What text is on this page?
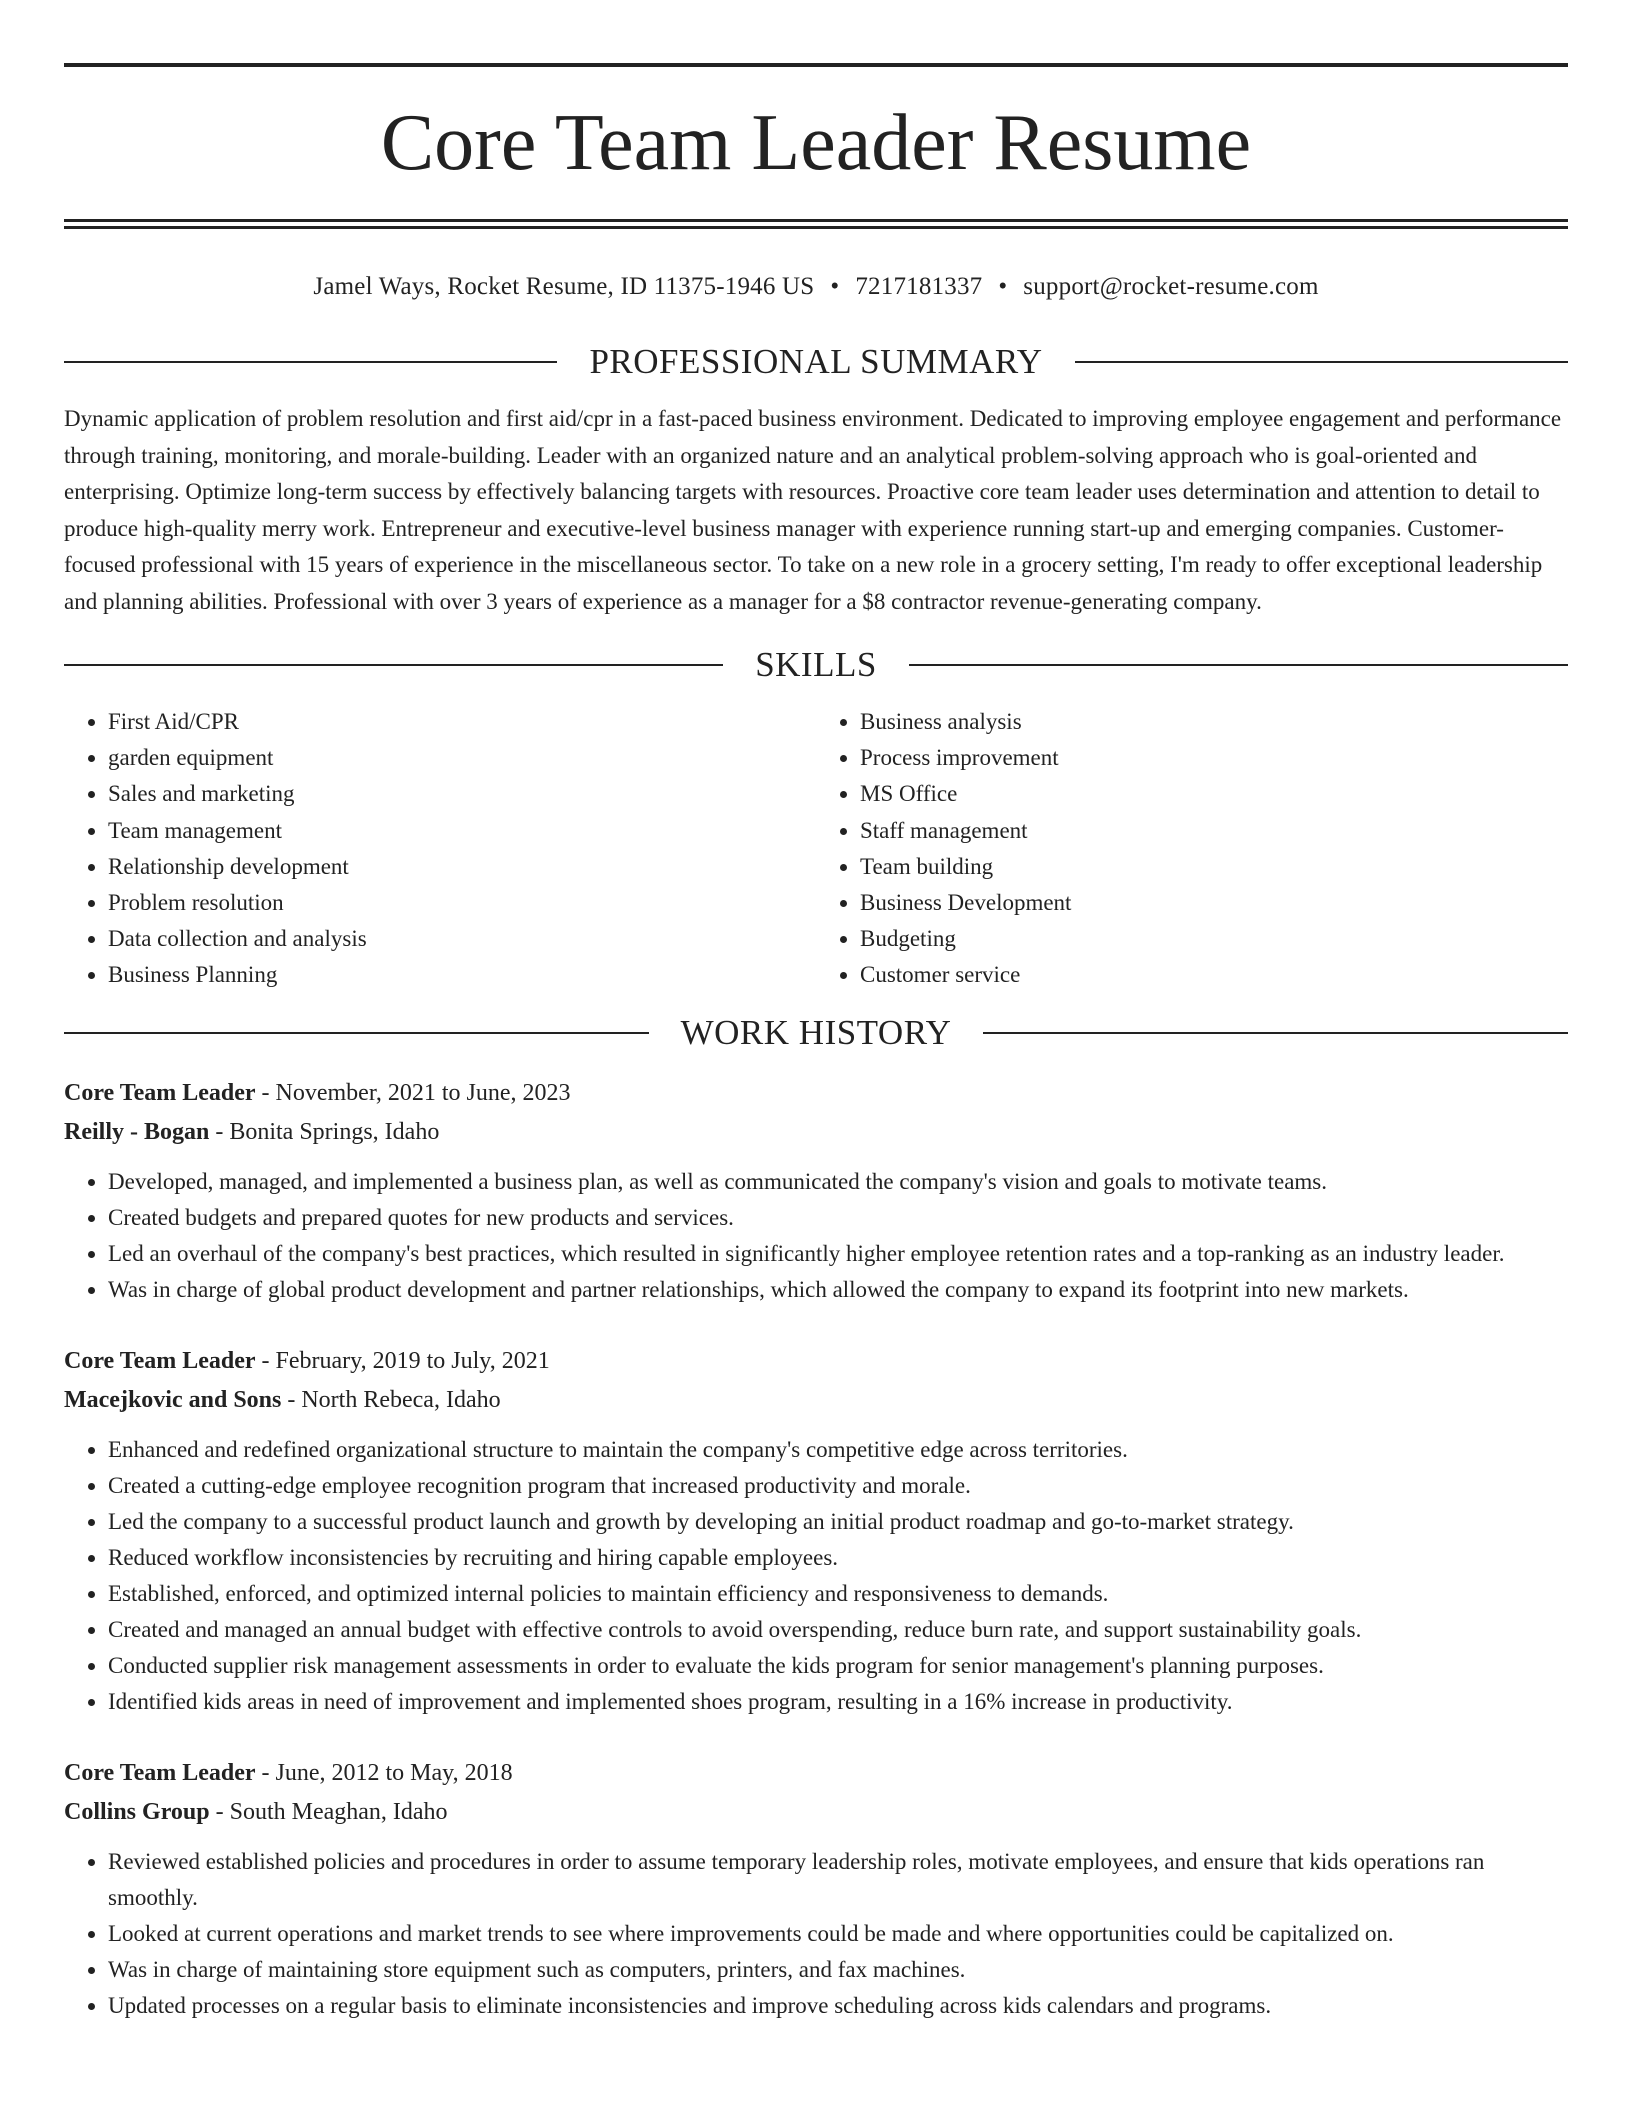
Core Team Leader Resume
Jamel Ways, Rocket Resume, ID 11375-1946 US • 7217181337 • support@rocket-resume.com
PROFESSIONAL SUMMARY

Dynamic application of problem resolution and first aid/cpr in a fast-paced business environment. Dedicated to improving employee engagement and performance through training, monitoring, and morale-building. Leader with an organized nature and an analytical problem-solving approach who is goal-oriented and enterprising. Optimize long-term success by effectively balancing targets with resources. Proactive core team leader uses determination and attention to detail to produce high-quality merry work. Entrepreneur and executive-level business manager with experience running start-up and emerging companies. Customer-focused professional with 15 years of experience in the miscellaneous sector. To take on a new role in a grocery setting, I'm ready to offer exceptional leadership and planning abilities. Professional with over 3 years of experience as a manager for a $8 contractor revenue-generating company.

SKILLS
• First Aid/CPR
• garden equipment
• Sales and marketing
• Team management
• Relationship development
• Problem resolution
• Data collection and analysis
• Business Planning
• Business analysis
• Process improvement
• MS Office
• Staff management
• Team building
• Business Development
• Budgeting
• Customer service
WORK HISTORY
Core Team Leader - November, 2021 to June, 2023
Reilly - Bogan - Bonita Springs, Idaho
• Developed, managed, and implemented a business plan, as well as communicated the company's vision and goals to motivate teams.
• Created budgets and prepared quotes for new products and services.
• Led an overhaul of the company's best practices, which resulted in significantly higher employee retention rates and a top-ranking as an industry leader.
• Was in charge of global product development and partner relationships, which allowed the company to expand its footprint into new markets.
Core Team Leader - February, 2019 to July, 2021
Macejkovic and Sons - North Rebeca, Idaho
• Enhanced and redefined organizational structure to maintain the company's competitive edge across territories.
• Created a cutting-edge employee recognition program that increased productivity and morale.
• Led the company to a successful product launch and growth by developing an initial product roadmap and go-to-market strategy.
• Reduced workflow inconsistencies by recruiting and hiring capable employees.
• Established, enforced, and optimized internal policies to maintain efficiency and responsiveness to demands.
• Created and managed an annual budget with effective controls to avoid overspending, reduce burn rate, and support sustainability goals.
• Conducted supplier risk management assessments in order to evaluate the kids program for senior management's planning purposes.
• Identified kids areas in need of improvement and implemented shoes program, resulting in a 16% increase in productivity.
Core Team Leader - June, 2012 to May, 2018
Collins Group - South Meaghan, Idaho
• Reviewed established policies and procedures in order to assume temporary leadership roles, motivate employees, and ensure that kids operations ran smoothly.
• Looked at current operations and market trends to see where improvements could be made and where opportunities could be capitalized on.
• Was in charge of maintaining store equipment such as computers, printers, and fax machines.
• Updated processes on a regular basis to eliminate inconsistencies and improve scheduling across kids calendars and programs.
